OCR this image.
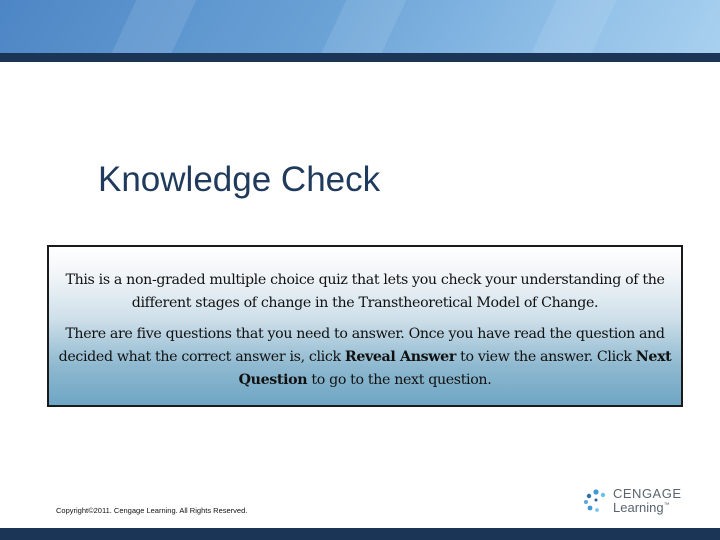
Knowledge Check

This is a non-graded multiple choice quiz that lets you check your understanding of the different stages of change in the Transtheoretical Model of Change.

There are five questions that you need to answer. Once you have read the question and decided what the correct answer is, click Reveal Answer to view the answer. Click Next Question to go to the next question.

Copyright©2011. Cengage Learning. All Rights Reserved.
CENGAGE
Learning™
